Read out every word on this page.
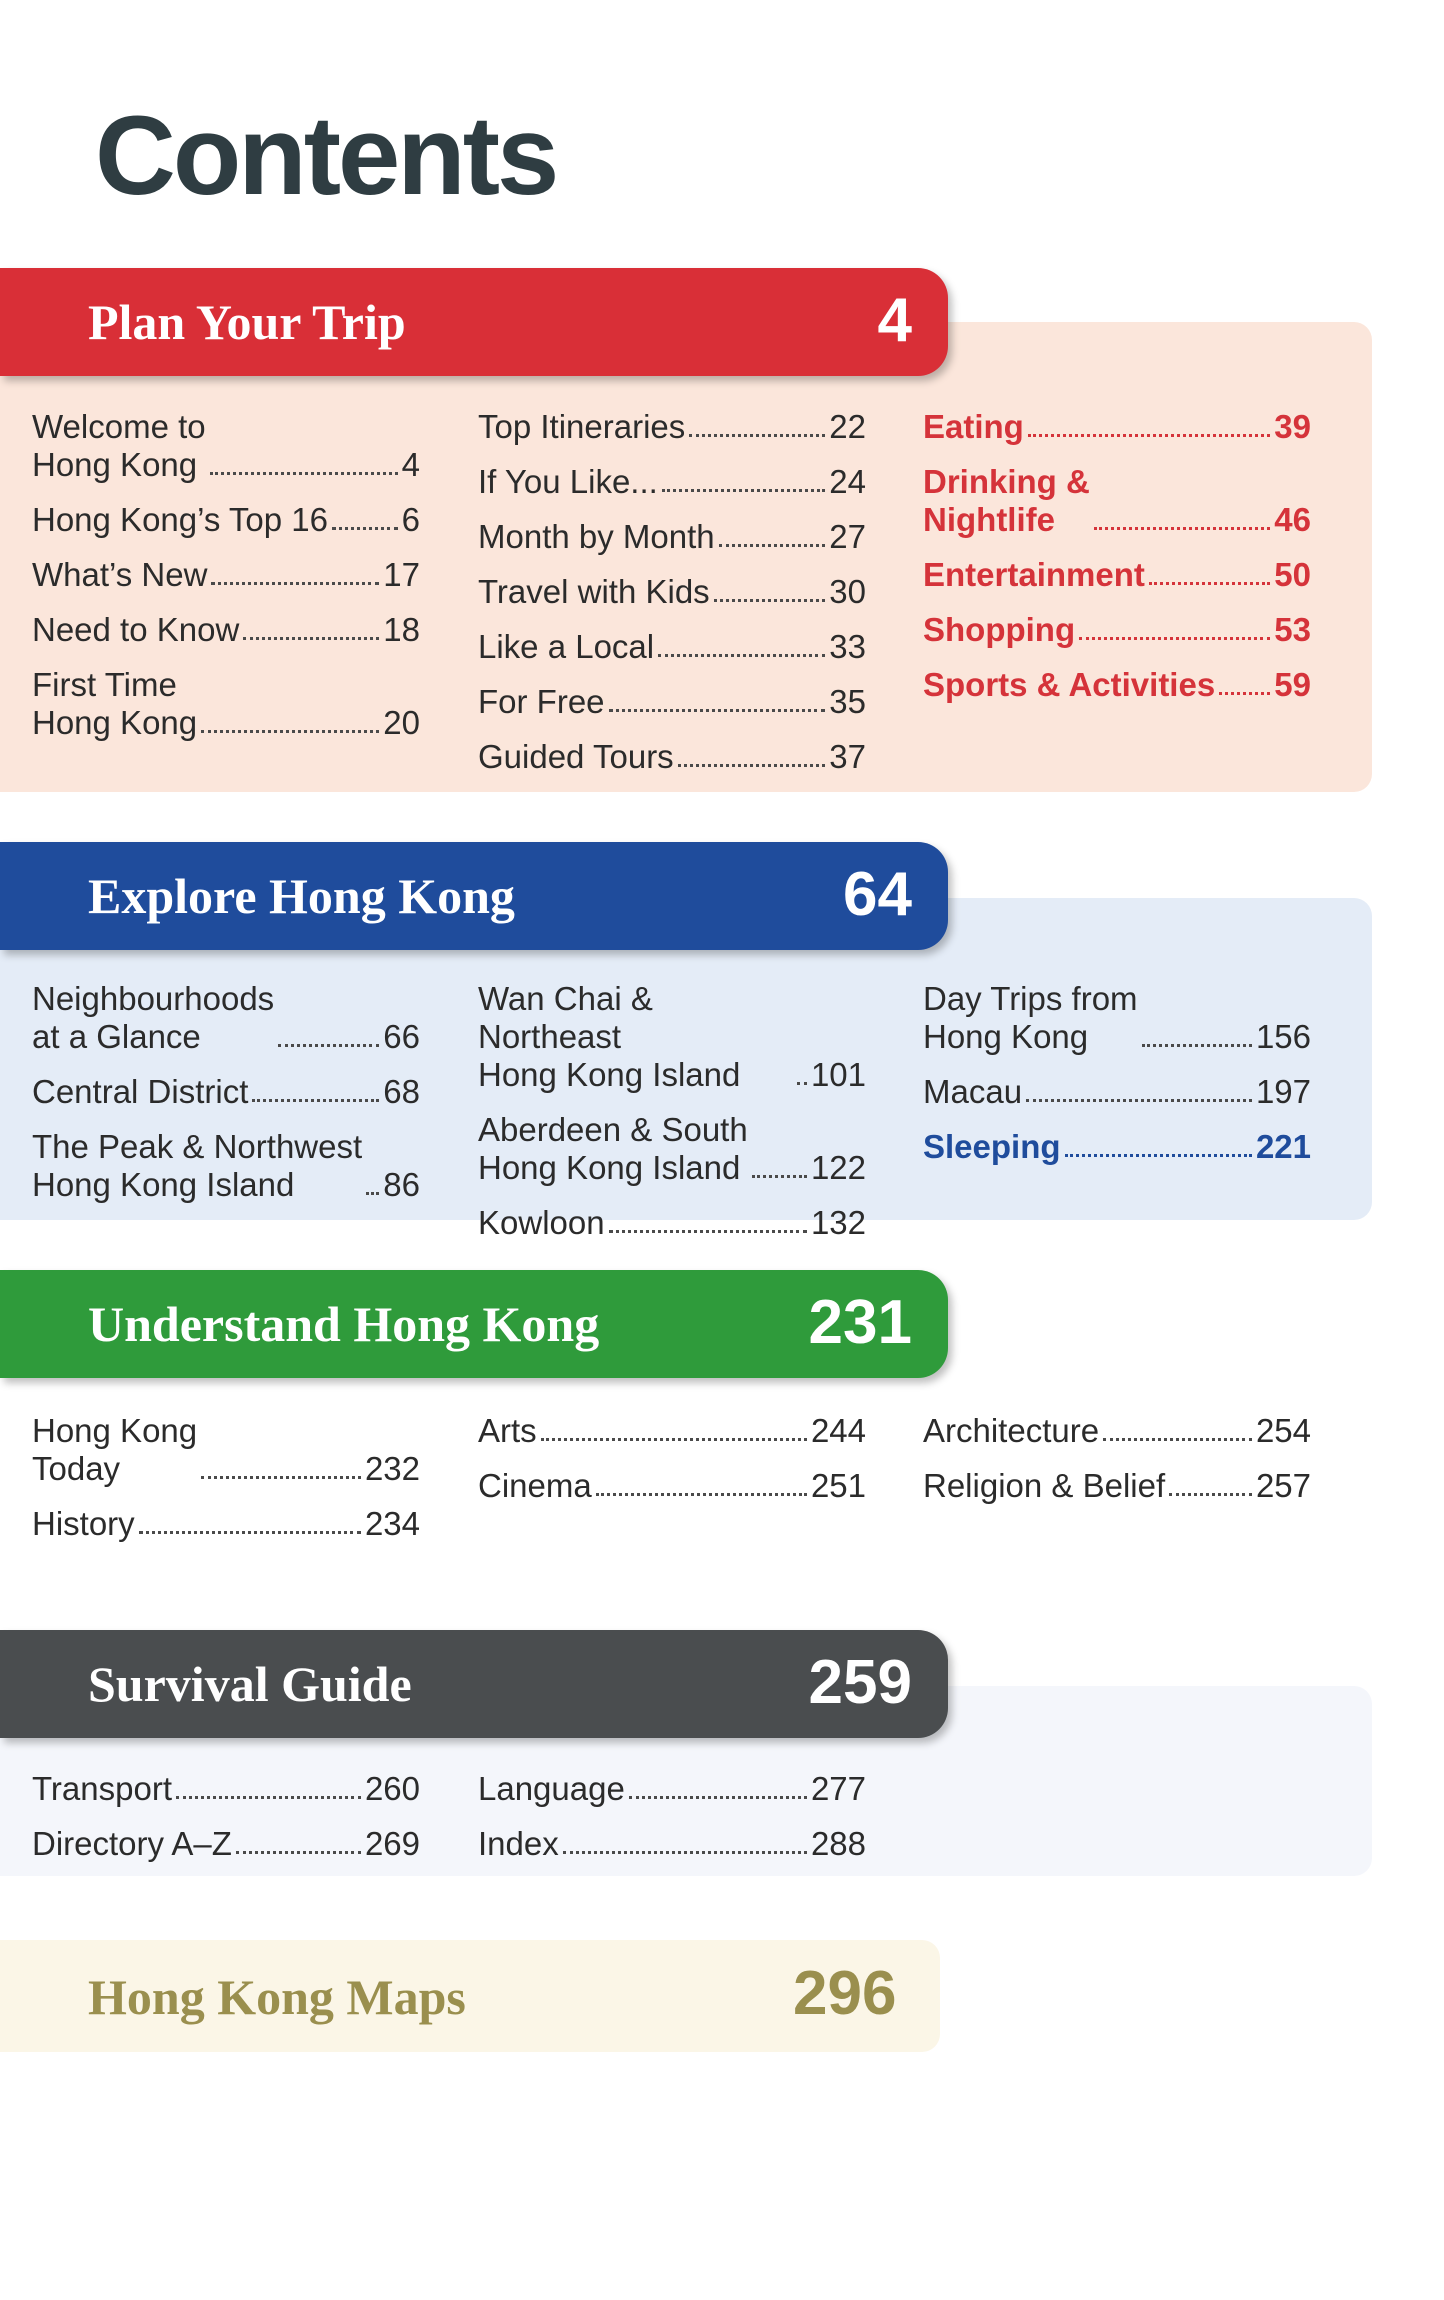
Contents
Plan Your Trip	4
Welcome to
Hong Kong	4
Hong Kong’s Top 16 6
What’s New	17
Need to Know	18
First Time
Hong Kong	20
Top Itineraries	22
If You Like...	24
Month by Month	27
Travel with Kids	30
Like a Local	33
For Free	35
Guided Tours	37
Eating	39
Drinking &
Nightlife	46
Entertainment	50
Shopping	53
Sports & Activities 59
Explore Hong Kong	64
Neighbourhoods
at a Glance	66
Central District	68
The Peak & Northwest
Hong Kong Island	86
Wan Chai & Northeast
Hong Kong Island	101
Aberdeen & South
Hong Kong Island 122
Kowloon	132
Day Trips from
Hong Kong	156
Macau	197
Sleeping	221
Understand Hong Kong	231
Hong Kong
Today	232
History	234
Arts	244
Cinema	251
Architecture	254
Religion & Belief	257
Survival Guide	259
Transport	260
Directory A–Z	269
Language	277
Index	288
Hong Kong Maps	296
